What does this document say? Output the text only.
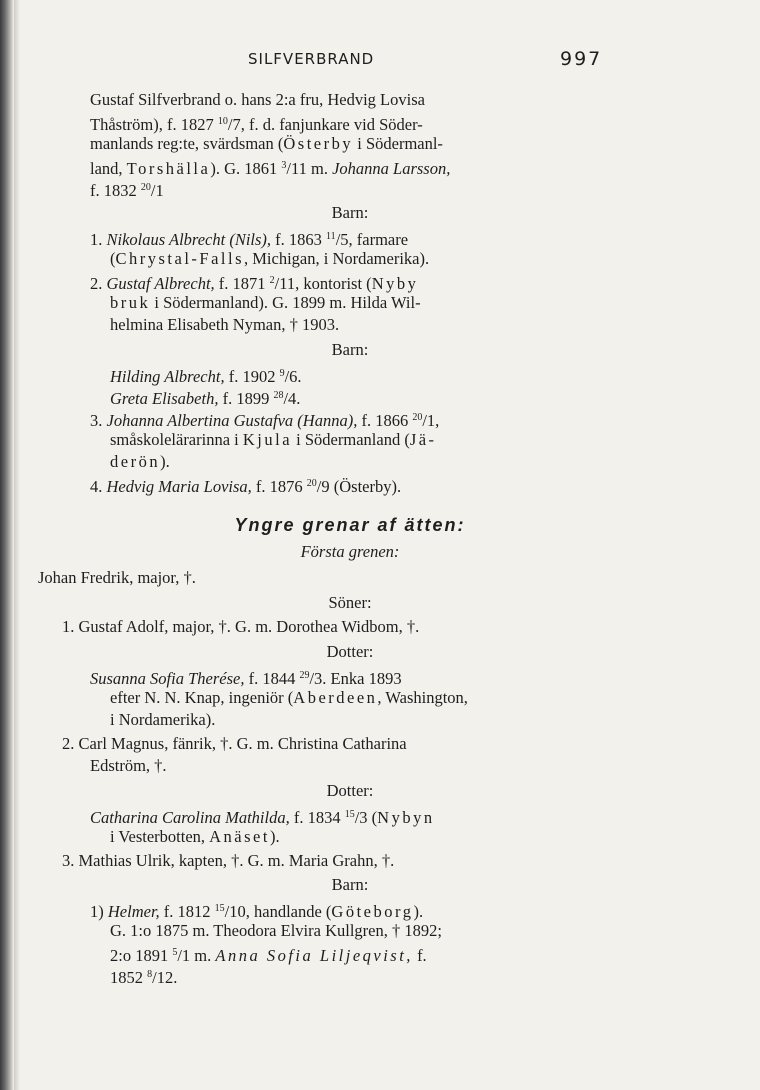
SILFVERBRAND	997
Gustaf Silfverbrand o. hans 2:a fru, Hedvig Lovisa
Thåström), f. 1827 $^{10}$/7, f. d. fanjunkare vid Söder-
manlands reg:te, svärdsman (Österby i Södermanl-
land, Torshälla). G. 1861 $^3$/11 m. Johanna Larsson,
f. 1832 $^{20}$/1
Barn:
1. Nikolaus Albrecht (Nils), f. 1863 $^{11}$/5, farmare
(Chrystal-Falls, Michigan, i Nordamerika).
2. Gustaf Albrecht, f. 1871 $^2$/11, kontorist (Nyby
bruk i Södermanland). G. 1899 m. Hilda Wil-
helmina Elisabeth Nyman, † 1903.
Barn:
Hilding Albrecht, f. 1902 $^9$/6.
Greta Elisabeth, f. 1899 $^{28}$/4.
3. Johanna Albertina Gustafva (Hanna), f. 1866 $^{20}$/1,
småskolelärarinna i Kjula i Södermanland (Jä-
derön).
4. Hedvig Maria Lovisa, f. 1876 $^{20}$/9 (Österby).
Yngre grenar af ätten:
Första grenen:
Johan Fredrik, major, †.
Söner:
1. Gustaf Adolf, major, †. G. m. Dorothea Widbom, †.
Dotter:
Susanna Sofia Therése, f. 1844 $^{29}$/3. Enka 1893
efter N. N. Knap, ingeniör (Aberdeen, Washington,
i Nordamerika).
2. Carl Magnus, fänrik, †. G. m. Christina Catharina
Edström, †.
Dotter:
Catharina Carolina Mathilda, f. 1834 $^{15}$/3 (Nybyn
i Vesterbotten, Anäset).
3. Mathias Ulrik, kapten, †. G. m. Maria Grahn, †.
Barn:
1) Helmer, f. 1812 $^{15}$/10, handlande (Göteborg).
G. 1:o 1875 m. Theodora Elvira Kullgren, † 1892;
2:o 1891 $^5$/1 m. Anna Sofia Liljeqvist, f.
1852 $^8$/12.
